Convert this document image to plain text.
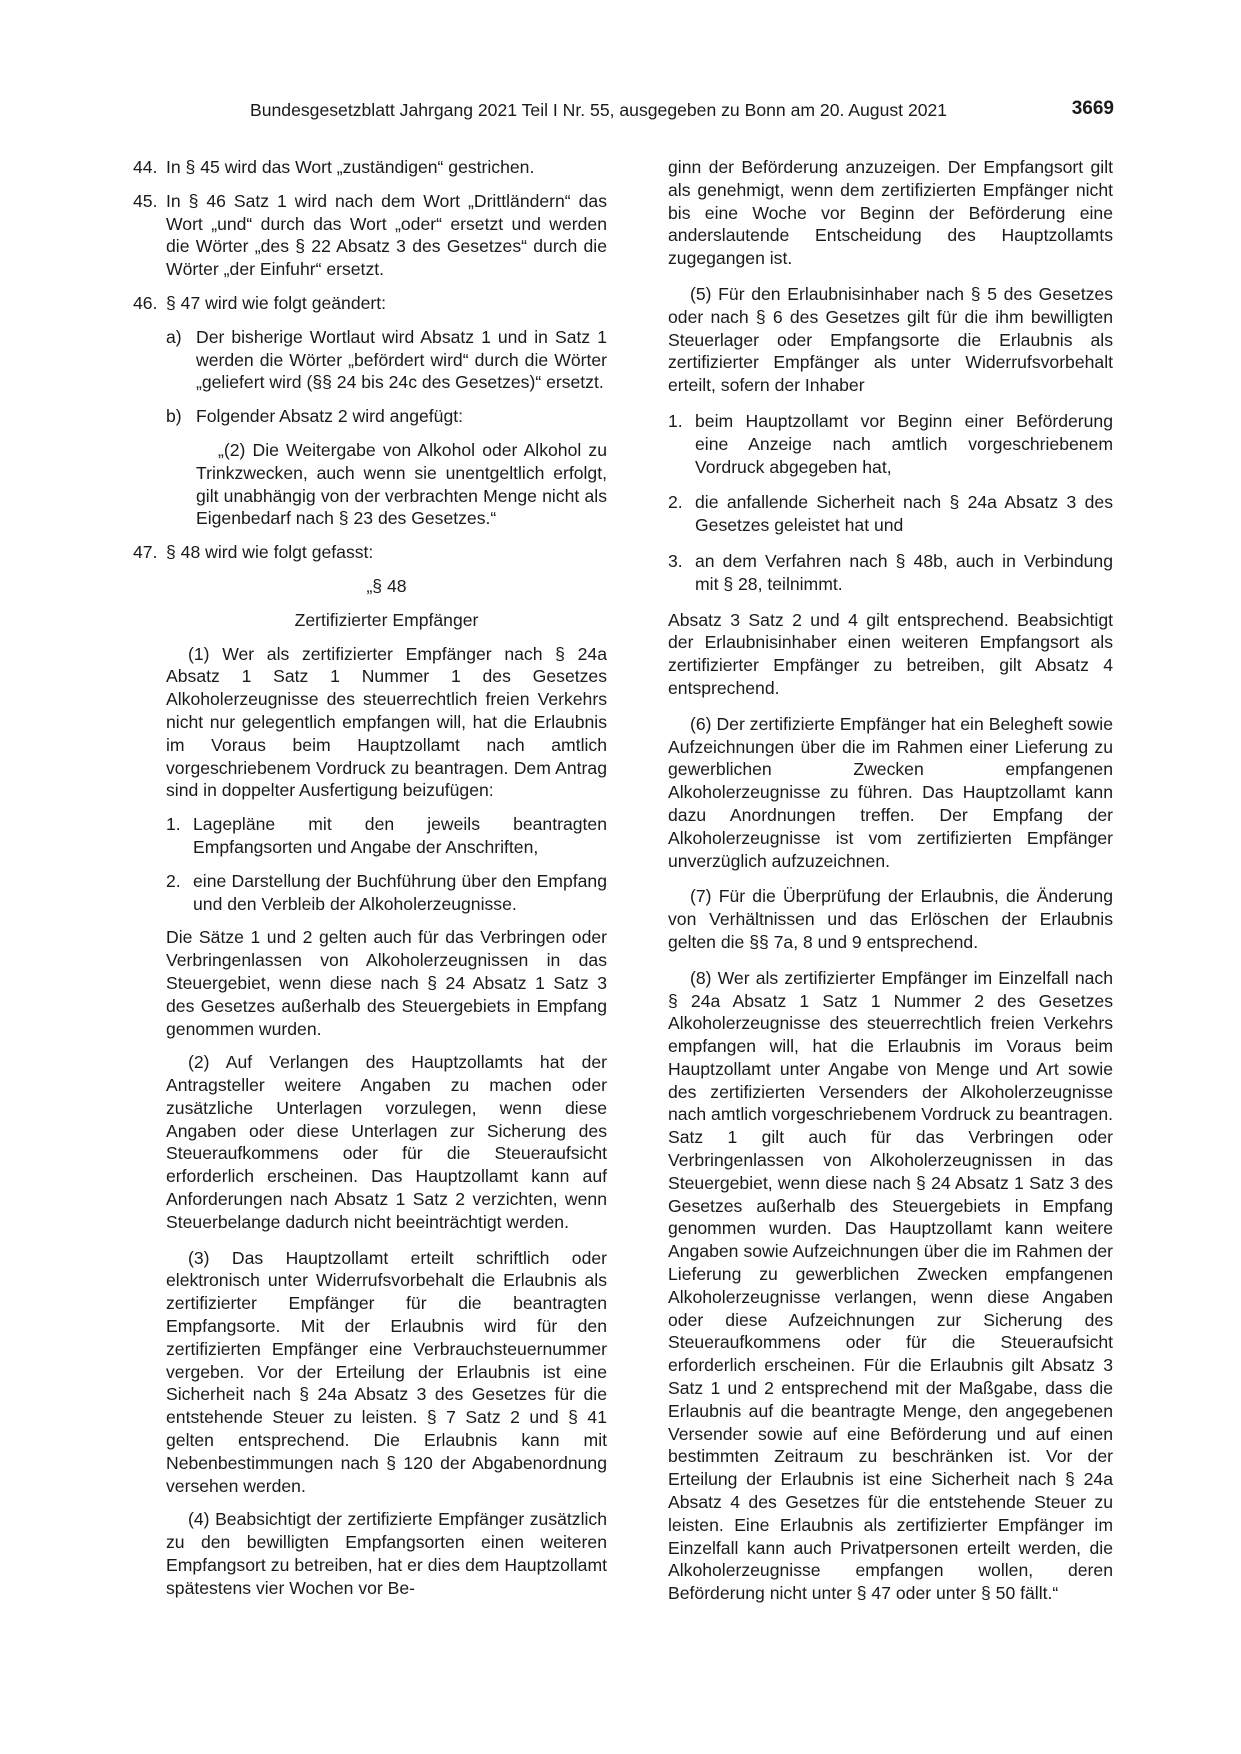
Bundesgesetzblatt Jahrgang 2021 Teil I Nr. 55, ausgegeben zu Bonn am 20. August 2021	3669
44. In § 45 wird das Wort „zuständigen“ gestrichen.
45. In § 46 Satz 1 wird nach dem Wort „Drittländern“ das Wort „und“ durch das Wort „oder“ ersetzt und werden die Wörter „des § 22 Absatz 3 des Gesetzes“ durch die Wörter „der Einfuhr“ ersetzt.
46. § 47 wird wie folgt geändert:
a) Der bisherige Wortlaut wird Absatz 1 und in Satz 1 werden die Wörter „befördert wird“ durch die Wörter „geliefert wird (§§ 24 bis 24c des Gesetzes)“ ersetzt.
b) Folgender Absatz 2 wird angefügt:

„(2) Die Weitergabe von Alkohol oder Alkohol zu Trinkzwecken, auch wenn sie unentgeltlich erfolgt, gilt unabhängig von der verbrachten Menge nicht als Eigenbedarf nach § 23 des Gesetzes.“

47. § 48 wird wie folgt gefasst:

„§ 48

Zertifizierter Empfänger

(1) Wer als zertifizierter Empfänger nach § 24a Absatz 1 Satz 1 Nummer 1 des Gesetzes Alkoholerzeugnisse des steuerrechtlich freien Verkehrs nicht nur gelegentlich empfangen will, hat die Erlaubnis im Voraus beim Hauptzollamt nach amtlich vorgeschriebenem Vordruck zu beantragen. Dem Antrag sind in doppelter Ausfertigung beizufügen:

1. Lagepläne mit den jeweils beantragten Empfangsorten und Angabe der Anschriften,
2. eine Darstellung der Buchführung über den Empfang und den Verbleib der Alkoholerzeugnisse.

Die Sätze 1 und 2 gelten auch für das Verbringen oder Verbringenlassen von Alkoholerzeugnissen in das Steuergebiet, wenn diese nach § 24 Absatz 1 Satz 3 des Gesetzes außerhalb des Steuergebiets in Empfang genommen wurden.

(2) Auf Verlangen des Hauptzollamts hat der Antragsteller weitere Angaben zu machen oder zusätzliche Unterlagen vorzulegen, wenn diese Angaben oder diese Unterlagen zur Sicherung des Steueraufkommens oder für die Steueraufsicht erforderlich erscheinen. Das Hauptzollamt kann auf Anforderungen nach Absatz 1 Satz 2 verzichten, wenn Steuerbelange dadurch nicht beeinträchtigt werden.

(3) Das Hauptzollamt erteilt schriftlich oder elektronisch unter Widerrufsvorbehalt die Erlaubnis als zertifizierter Empfänger für die beantragten Empfangsorte. Mit der Erlaubnis wird für den zertifizierten Empfänger eine Verbrauchsteuernummer vergeben. Vor der Erteilung der Erlaubnis ist eine Sicherheit nach § 24a Absatz 3 des Gesetzes für die entstehende Steuer zu leisten. § 7 Satz 2 und § 41 gelten entsprechend. Die Erlaubnis kann mit Nebenbestimmungen nach § 120 der Abgabenordnung versehen werden.

(4) Beabsichtigt der zertifizierte Empfänger zusätzlich zu den bewilligten Empfangsorten einen weiteren Empfangsort zu betreiben, hat er dies dem Hauptzollamt spätestens vier Wochen vor Be-

ginn der Beförderung anzuzeigen. Der Empfangsort gilt als genehmigt, wenn dem zertifizierten Empfänger nicht bis eine Woche vor Beginn der Beförderung eine anderslautende Entscheidung des Hauptzollamts zugegangen ist.

(5) Für den Erlaubnisinhaber nach § 5 des Gesetzes oder nach § 6 des Gesetzes gilt für die ihm bewilligten Steuerlager oder Empfangsorte die Erlaubnis als zertifizierter Empfänger als unter Widerrufsvorbehalt erteilt, sofern der Inhaber

1. beim Hauptzollamt vor Beginn einer Beförderung eine Anzeige nach amtlich vorgeschriebenem Vordruck abgegeben hat,
2. die anfallende Sicherheit nach § 24a Absatz 3 des Gesetzes geleistet hat und
3. an dem Verfahren nach § 48b, auch in Verbindung mit § 28, teilnimmt.

Absatz 3 Satz 2 und 4 gilt entsprechend. Beabsichtigt der Erlaubnisinhaber einen weiteren Empfangsort als zertifizierter Empfänger zu betreiben, gilt Absatz 4 entsprechend.

(6) Der zertifizierte Empfänger hat ein Belegheft sowie Aufzeichnungen über die im Rahmen einer Lieferung zu gewerblichen Zwecken empfangenen Alkoholerzeugnisse zu führen. Das Hauptzollamt kann dazu Anordnungen treffen. Der Empfang der Alkoholerzeugnisse ist vom zertifizierten Empfänger unverzüglich aufzuzeichnen.

(7) Für die Überprüfung der Erlaubnis, die Änderung von Verhältnissen und das Erlöschen der Erlaubnis gelten die §§ 7a, 8 und 9 entsprechend.

(8) Wer als zertifizierter Empfänger im Einzelfall nach § 24a Absatz 1 Satz 1 Nummer 2 des Gesetzes Alkoholerzeugnisse des steuerrechtlich freien Verkehrs empfangen will, hat die Erlaubnis im Voraus beim Hauptzollamt unter Angabe von Menge und Art sowie des zertifizierten Versenders der Alkoholerzeugnisse nach amtlich vorgeschriebenem Vordruck zu beantragen. Satz 1 gilt auch für das Verbringen oder Verbringenlassen von Alkoholerzeugnissen in das Steuergebiet, wenn diese nach § 24 Absatz 1 Satz 3 des Gesetzes außerhalb des Steuergebiets in Empfang genommen wurden. Das Hauptzollamt kann weitere Angaben sowie Aufzeichnungen über die im Rahmen der Lieferung zu gewerblichen Zwecken empfangenen Alkoholerzeugnisse verlangen, wenn diese Angaben oder diese Aufzeichnungen zur Sicherung des Steueraufkommens oder für die Steueraufsicht erforderlich erscheinen. Für die Erlaubnis gilt Absatz 3 Satz 1 und 2 entsprechend mit der Maßgabe, dass die Erlaubnis auf die beantragte Menge, den angegebenen Versender sowie auf eine Beförderung und auf einen bestimmten Zeitraum zu beschränken ist. Vor der Erteilung der Erlaubnis ist eine Sicherheit nach § 24a Absatz 4 des Gesetzes für die entstehende Steuer zu leisten. Eine Erlaubnis als zertifizierter Empfänger im Einzelfall kann auch Privatpersonen erteilt werden, die Alkoholerzeugnisse empfangen wollen, deren Beförderung nicht unter § 47 oder unter § 50 fällt.“
